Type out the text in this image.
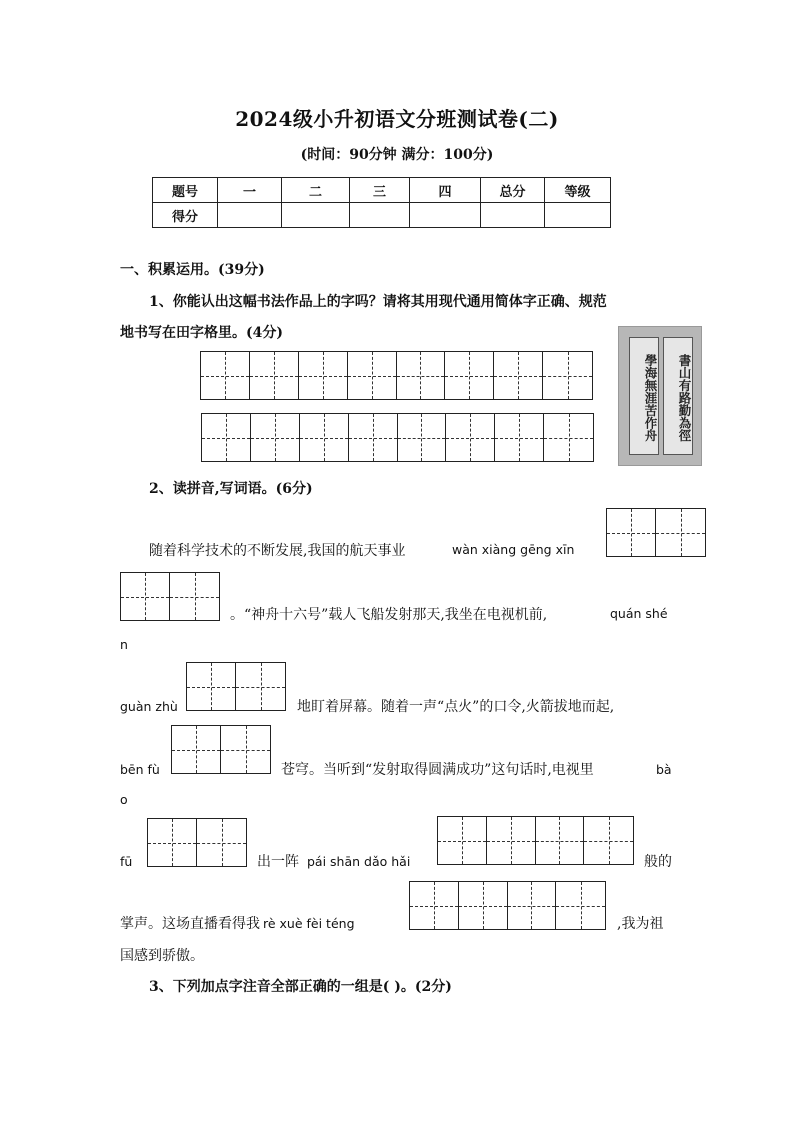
2024级小升初语文分班测试卷(二)
(时间：90分钟 满分：100分)
题号	一	二	三	四	总分	等级
得分						
一、积累运用。(39分)
1、你能认出这幅书法作品上的字吗？请将其用现代通用简体字正确、规范
地书写在田字格里。(4分)
學海無涯苦作舟	書山有路勤為徑
2、读拼音,写词语。(6分)
随着科学技术的不断发展,我国的航天事业	wàn xiàng gēng xīn
。“神舟十六号”载人飞船发射那天,我坐在电视机前,	quán shé
n
guàn zhù	地盯着屏幕。随着一声“点火”的口令,火箭拔地而起,
bēn fù	苍穹。当听到“发射取得圆满成功”这句话时,电视里	bà
o
fū	出一阵 pái shān dǎo hǎi	般的
掌声。这场直播看得我 rè xuè fèi téng	,我为祖
国感到骄傲。
3、下列加点字注音全部正确的一组是( )。(2分)
